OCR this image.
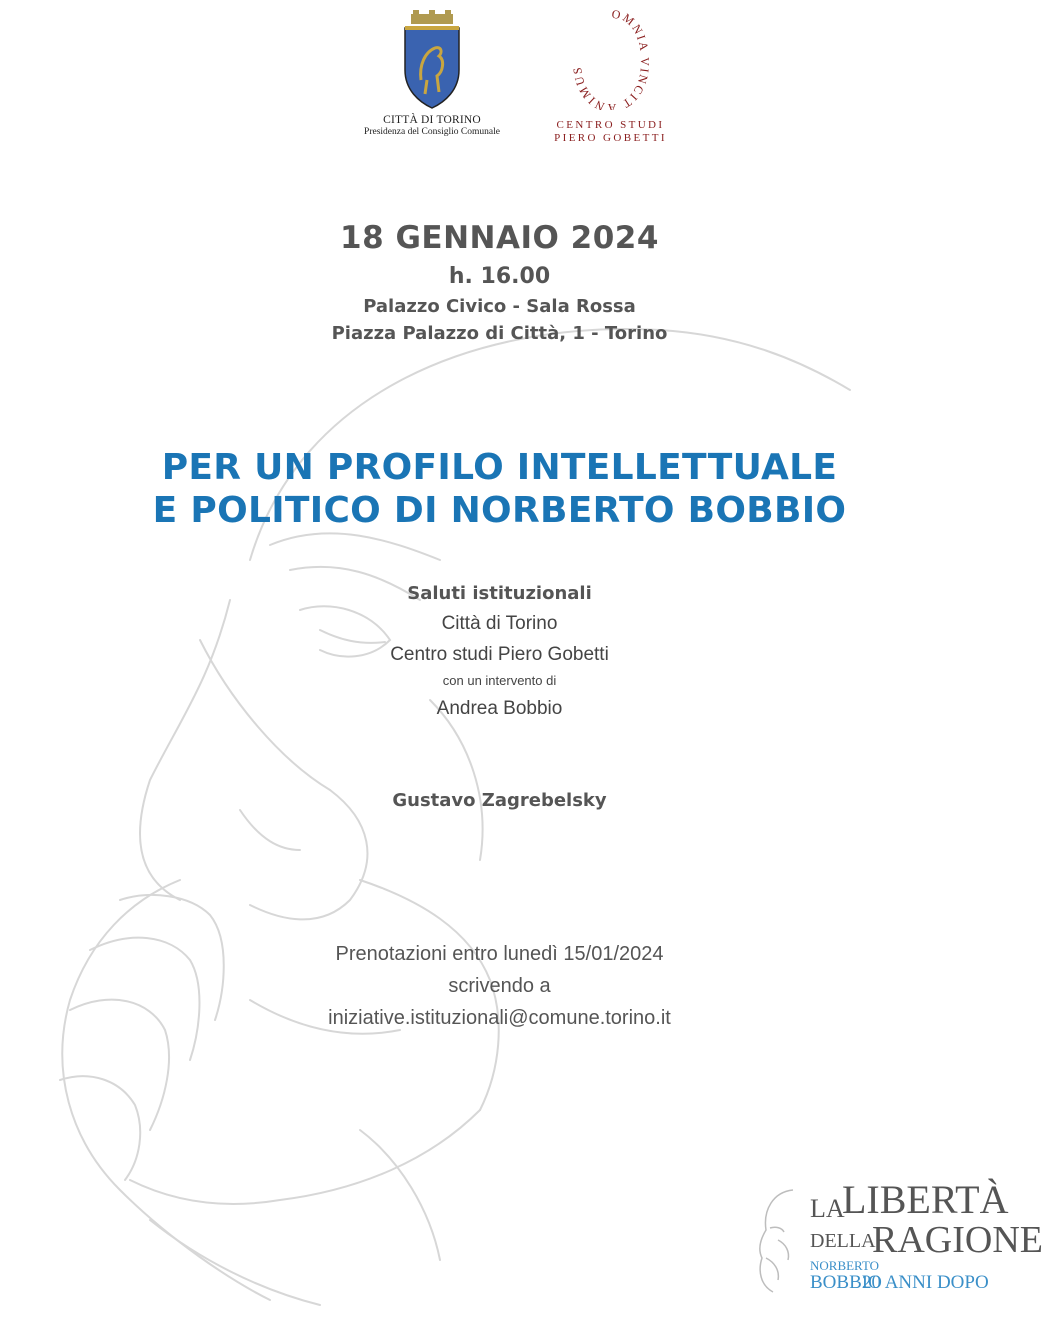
CITTÀ DI TORINO
Presidenza del Consiglio Comunale
OMNIA VINCIT ANIMUS
CENTRO STUDI
PIERO GOBETTI
18 GENNAIO 2024
h. 16.00
Palazzo Civico - Sala Rossa
Piazza Palazzo di Città, 1 - Torino
PER UN PROFILO INTELLETTUALE
E POLITICO DI NORBERTO BOBBIO
Saluti istituzionali
Città di Torino
Centro studi Piero Gobetti
con un intervento di
Andrea Bobbio
Gustavo Zagrebelsky
Prenotazioni entro lunedì 15/01/2024
scrivendo a
iniziative.istituzionali@comune.torino.it
LA
LIBERTÀ
DELLA
RAGIONE
NORBERTO
BOBBIO
20 ANNI DOPO
